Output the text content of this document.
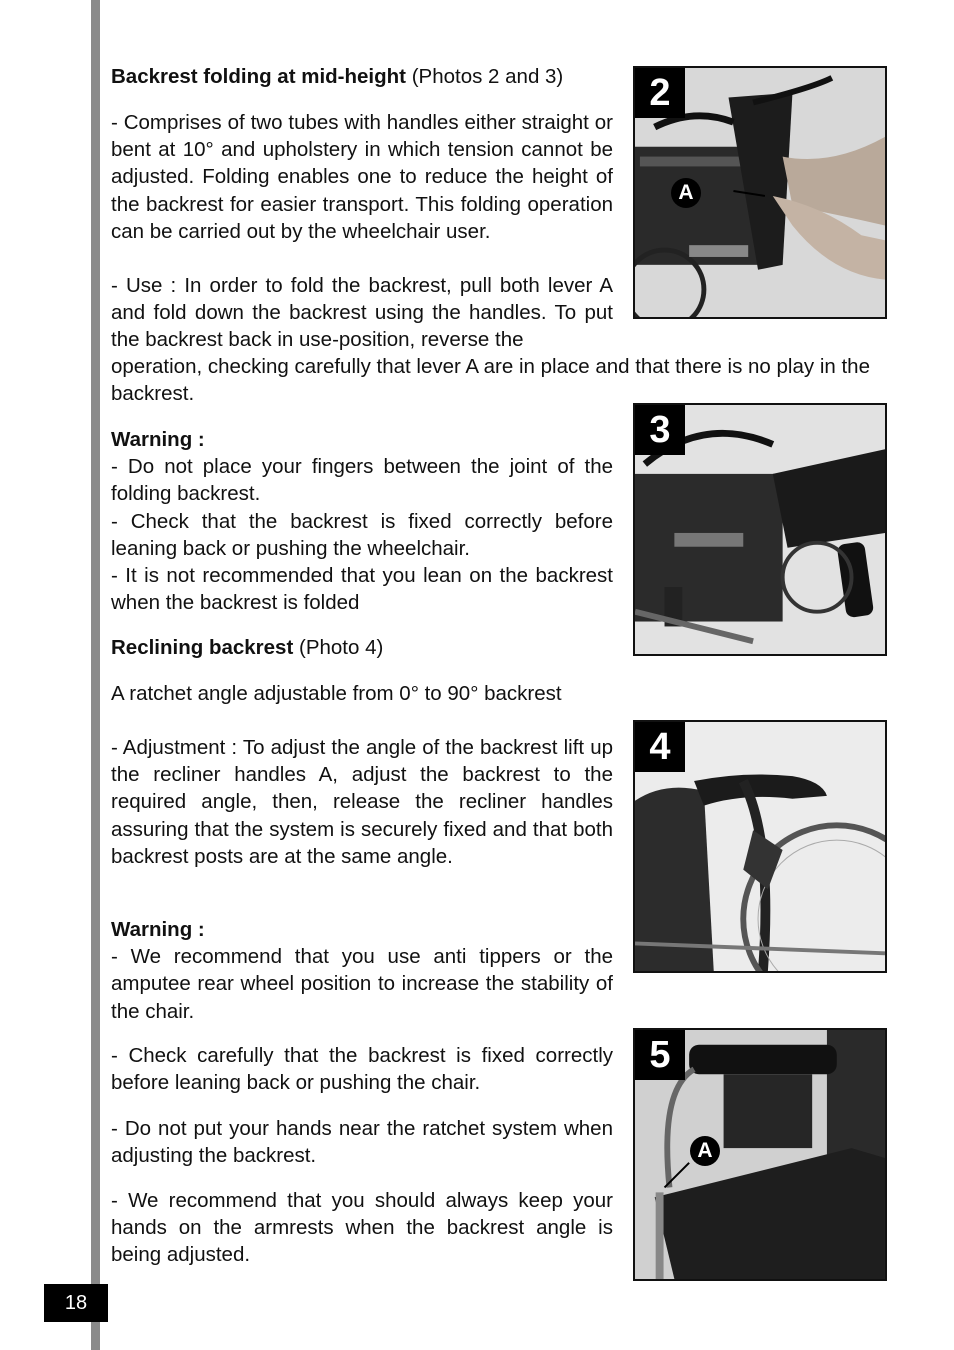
Backrest folding at mid-height (Photos 2 and 3)
- Comprises of two tubes with handles either straight or bent at 10° and upholstery in which tension cannot be adjusted. Folding enables one to reduce the height of the backrest for easier transport. This folding operation can be carried out by the wheelchair user.
- Use : In order to fold the backrest, pull both lever A and fold down the backrest using the handles. To put the backrest back in use-position, reverse the
operation, checking carefully that lever A are in place and that there is no play in the backrest.
Warning :
- Do not place your fingers between the joint of the folding backrest.
- Check that the backrest is fixed correctly before leaning back or pushing the wheelchair.
- It is not recommended that you lean on the backrest when the backrest is folded
Reclining backrest (Photo 4)
A ratchet angle adjustable from 0° to 90° backrest
- Adjustment : To adjust the angle of the backrest lift up the recliner handles A, adjust the backrest to the required angle, then, release the recliner handles assuring that the system is securely fixed and that both backrest posts are at the same angle.
Warning :
- We recommend that you use anti tippers or the amputee rear wheel position to increase the stability of the chair.
- Check carefully that the backrest is fixed correctly before leaning back or pushing the chair.
- Do not put your hands near the ratchet system when adjusting the backrest.
- We recommend that you should always keep your hands on the armrests when the backrest angle is being adjusted.
2
A
3
4
5
A
18
